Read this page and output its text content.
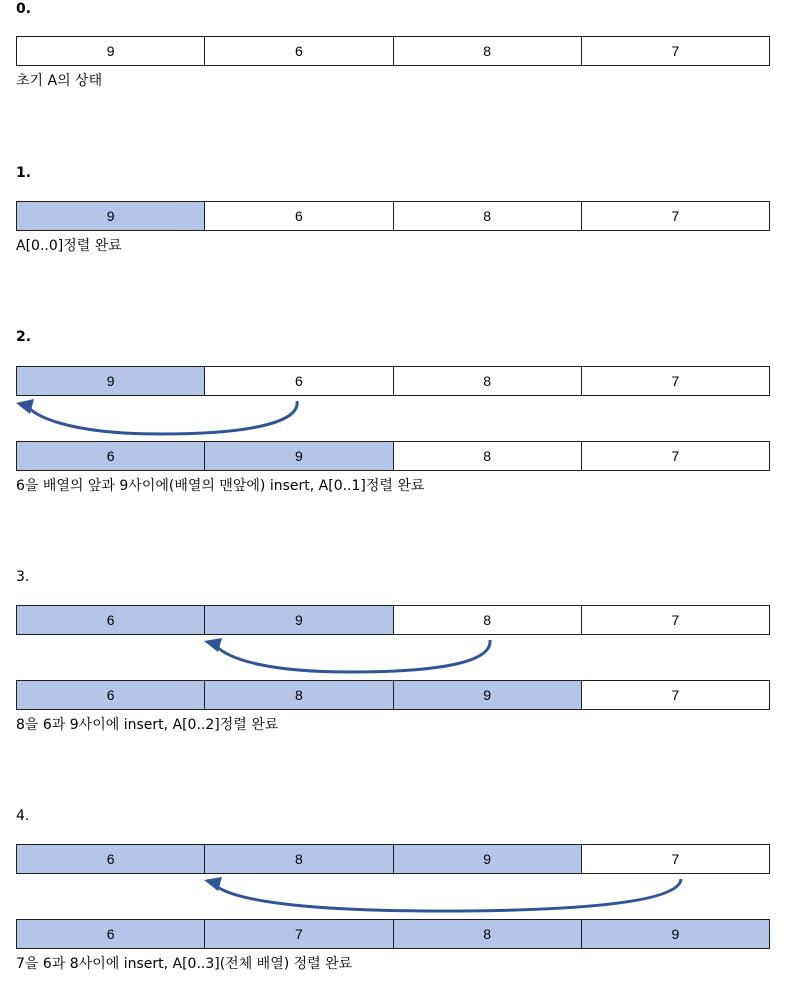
0.
9	6	8	7
초기 A의 상태
1.
9	6	8	7
A[0..0]정렬 완료
2.
9	6	8	7
6	9	8	7
6을 배열의 앞과 9사이에(배열의 맨앞에) insert, A[0..1]정렬 완료
3.
6	9	8	7
6	8	9	7
8을 6과 9사이에 insert, A[0..2]정렬 완료
4.
6	8	9	7
6	7	8	9
7을 6과 8사이에 insert, A[0..3](전체 배열) 정렬 완료
